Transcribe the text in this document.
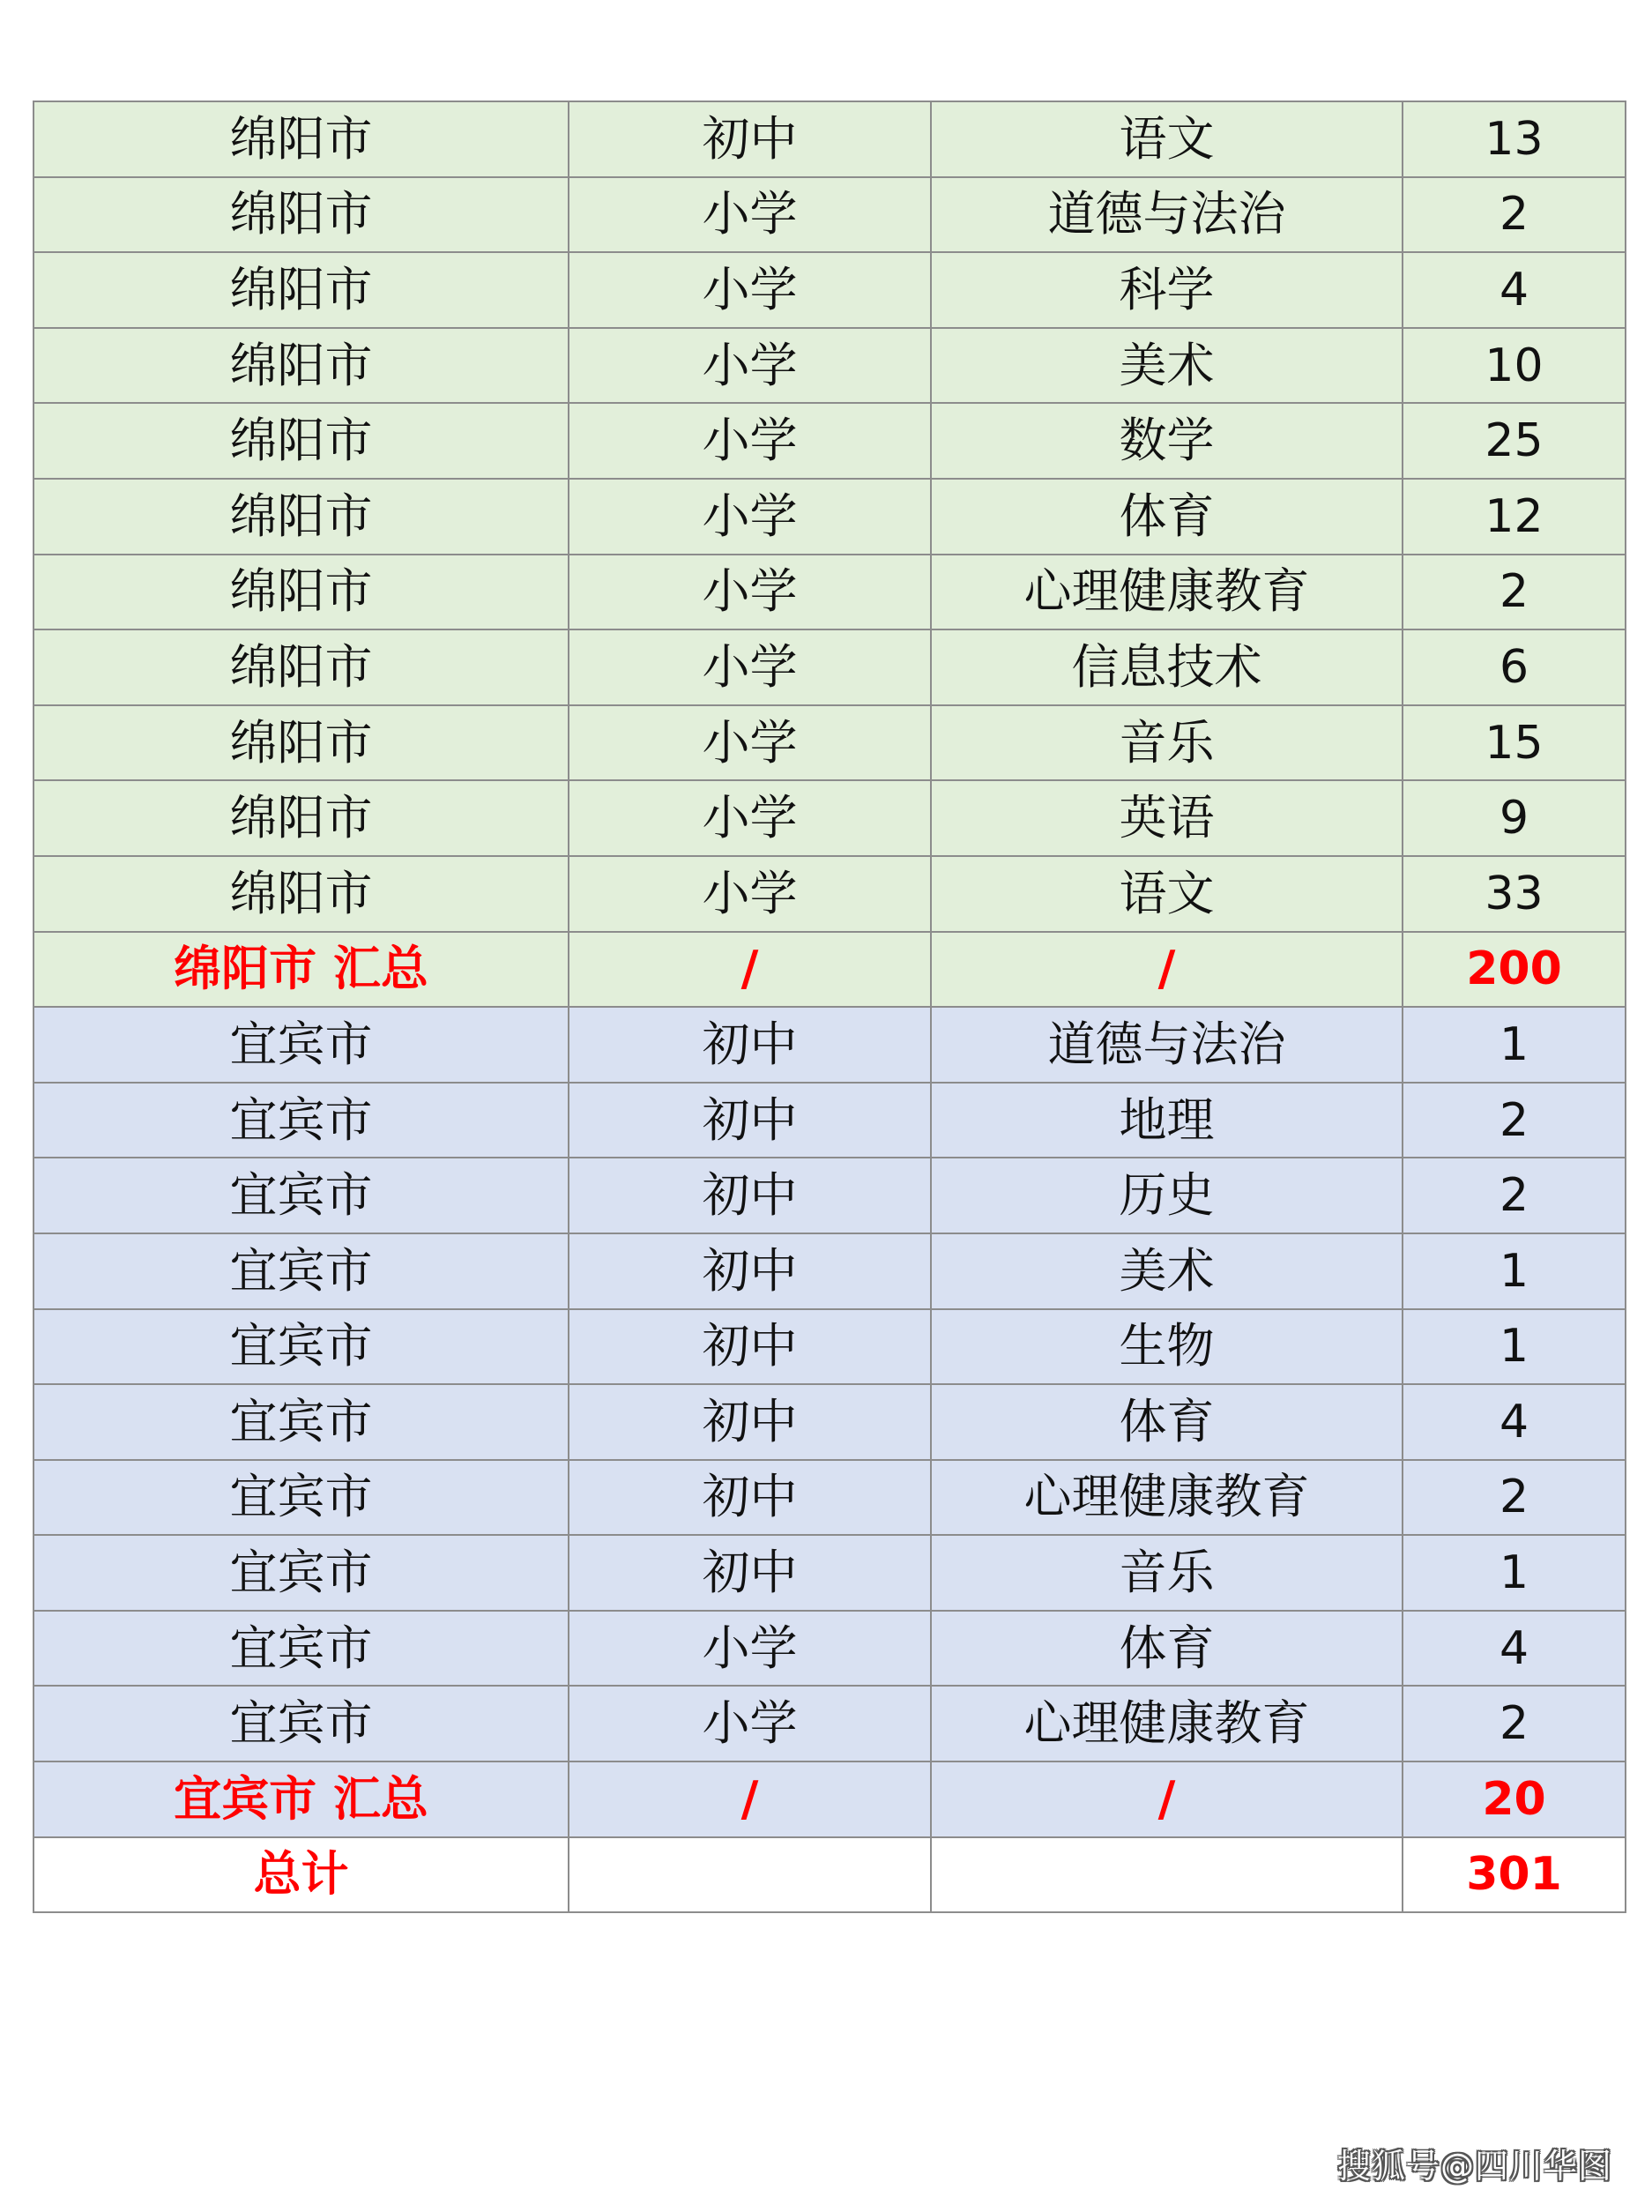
绵阳市	初中	语文	13
绵阳市	小学	道德与法治	2
绵阳市	小学	科学	4
绵阳市	小学	美术	10
绵阳市	小学	数学	25
绵阳市	小学	体育	12
绵阳市	小学	心理健康教育	2
绵阳市	小学	信息技术	6
绵阳市	小学	音乐	15
绵阳市	小学	英语	9
绵阳市	小学	语文	33
绵阳市 汇总	/	/	200
宜宾市	初中	道德与法治	1
宜宾市	初中	地理	2
宜宾市	初中	历史	2
宜宾市	初中	美术	1
宜宾市	初中	生物	1
宜宾市	初中	体育	4
宜宾市	初中	心理健康教育	2
宜宾市	初中	音乐	1
宜宾市	小学	体育	4
宜宾市	小学	心理健康教育	2
宜宾市 汇总	/	/	20
总计			301
搜狐号@四川华图
